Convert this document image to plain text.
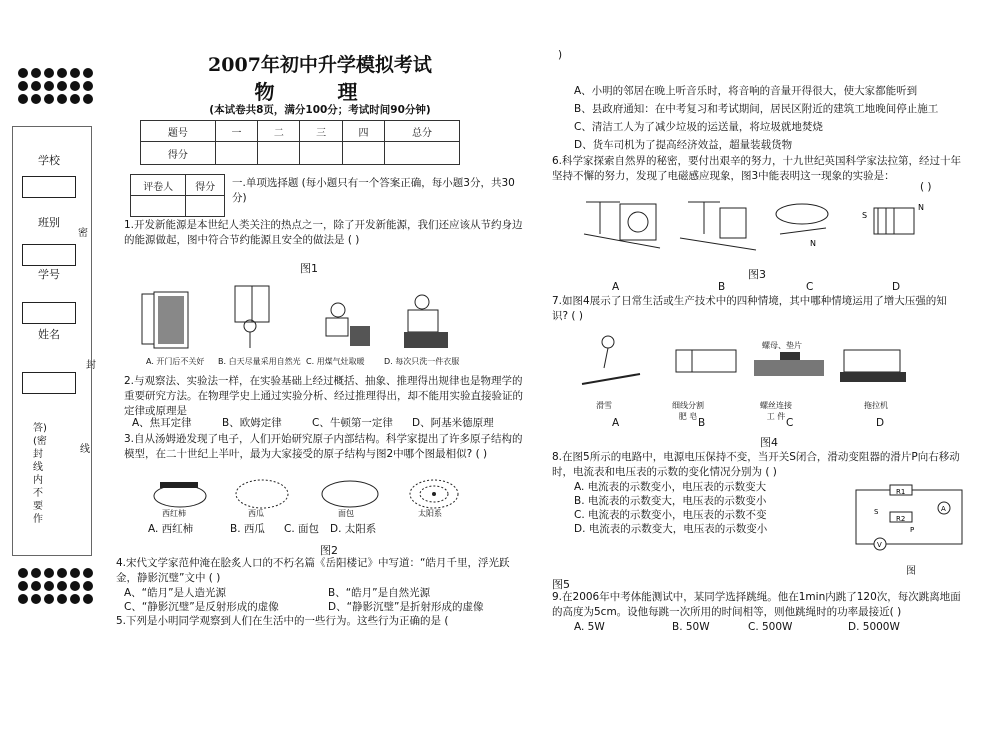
学校
班别
学号
姓名
密
封
线
答)(密封线内不要作
2007年初中升学模拟考试
物 理
(本试卷共8页，满分100分；考试时间90分钟)
题号	一	二	三	四	总分
得分					
评卷人	得分
	一.单项选择题 (每小题只有一个答案正确，每小题3分，共30分)
1.开发新能源是本世纪人类关注的热点之一，除了开发新能源，我们还应该从节约身边的能源做起，图中符合节约能源且安全的做法是 ( )
图1
A. 开门后不关好 B. 白天尽量采用自然光 C. 用煤气灶取暖 D. 每次只洗一件衣服
2.与观察法、实验法一样，在实验基础上经过概括、抽象、推理得出规律也是物理学的重要研究方法。在物理学史上通过实验分析、经过推理得出，却不能用实验直接验证的定律或原理是
A、焦耳定律	B、欧姆定律	C、牛顿第一定律 D、阿基米德原理
3.自从汤姆逊发现了电子，人们开始研究原子内部结构。科学家提出了许多原子结构的模型，在二十世纪上半叶，最为大家接受的原子结构与图2中哪个图最相似? ( )
西红柿	西瓜	面包	太阳系
A. 西红柿	B. 西瓜 C. 面包 D. 太阳系
图2
4.宋代文学家范仲淹在脍炙人口的不朽名篇《岳阳楼记》中写道：“皓月千里，浮光跃金，静影沉璧”文中 ( )
A、“皓月”是人造光源	B、“皓月”是自然光源
C、“静影沉璧”是反射形成的虚像	D、“静影沉璧”是折射形成的虚像
5.下列是小明同学观察到人们在生活中的一些行为。这些行为正确的是 (
)
A、小明的邻居在晚上听音乐时，将音响的音量开得很大，使大家都能听到
B、县政府通知：在中考复习和考试期间，居民区附近的建筑工地晚间停止施工
C、清洁工人为了减少垃圾的运送量，将垃圾就地焚烧
D、货车司机为了提高经济效益，超量装载货物
6.科学家探索自然界的秘密，要付出艰辛的努力，十九世纪英国科学家法拉第，经过十年坚持不懈的努力，发现了电磁感应现象，图3中能表明这一现象的实验是：
( )
N
S
N
A	B	C	D
图3
7.如图4展示了日常生活或生产技术中的四种情境，其中哪种情境运用了增大压强的知识? ( )
螺母、垫片
滑雪	细线分割
肥 皂
螺丝连接
工 件
拖拉机
A	B	C	D
图4
8.在图5所示的电路中，电源电压保持不变，当开关S闭合，滑动变阻器的滑片P向右移动时，电流表和电压表的示数的变化情况分别为 ( )
A. 电流表的示数变小，电压表的示数变大
B. 电流表的示数变大，电压表的示数变小
C. 电流表的示数变小，电压表的示数不变
D. 电流表的示数变大，电压表的示数变小
R1
R2
A
V
S
P
图
图5
9.在2006年中考体能测试中，某同学选择跳绳。他在1min内跳了120次，每次跳离地面的高度为5cm。设他每跳一次所用的时间相等，则他跳绳时的功率最接近( )
A. 5W	B. 50W	C. 500W	D. 5000W
